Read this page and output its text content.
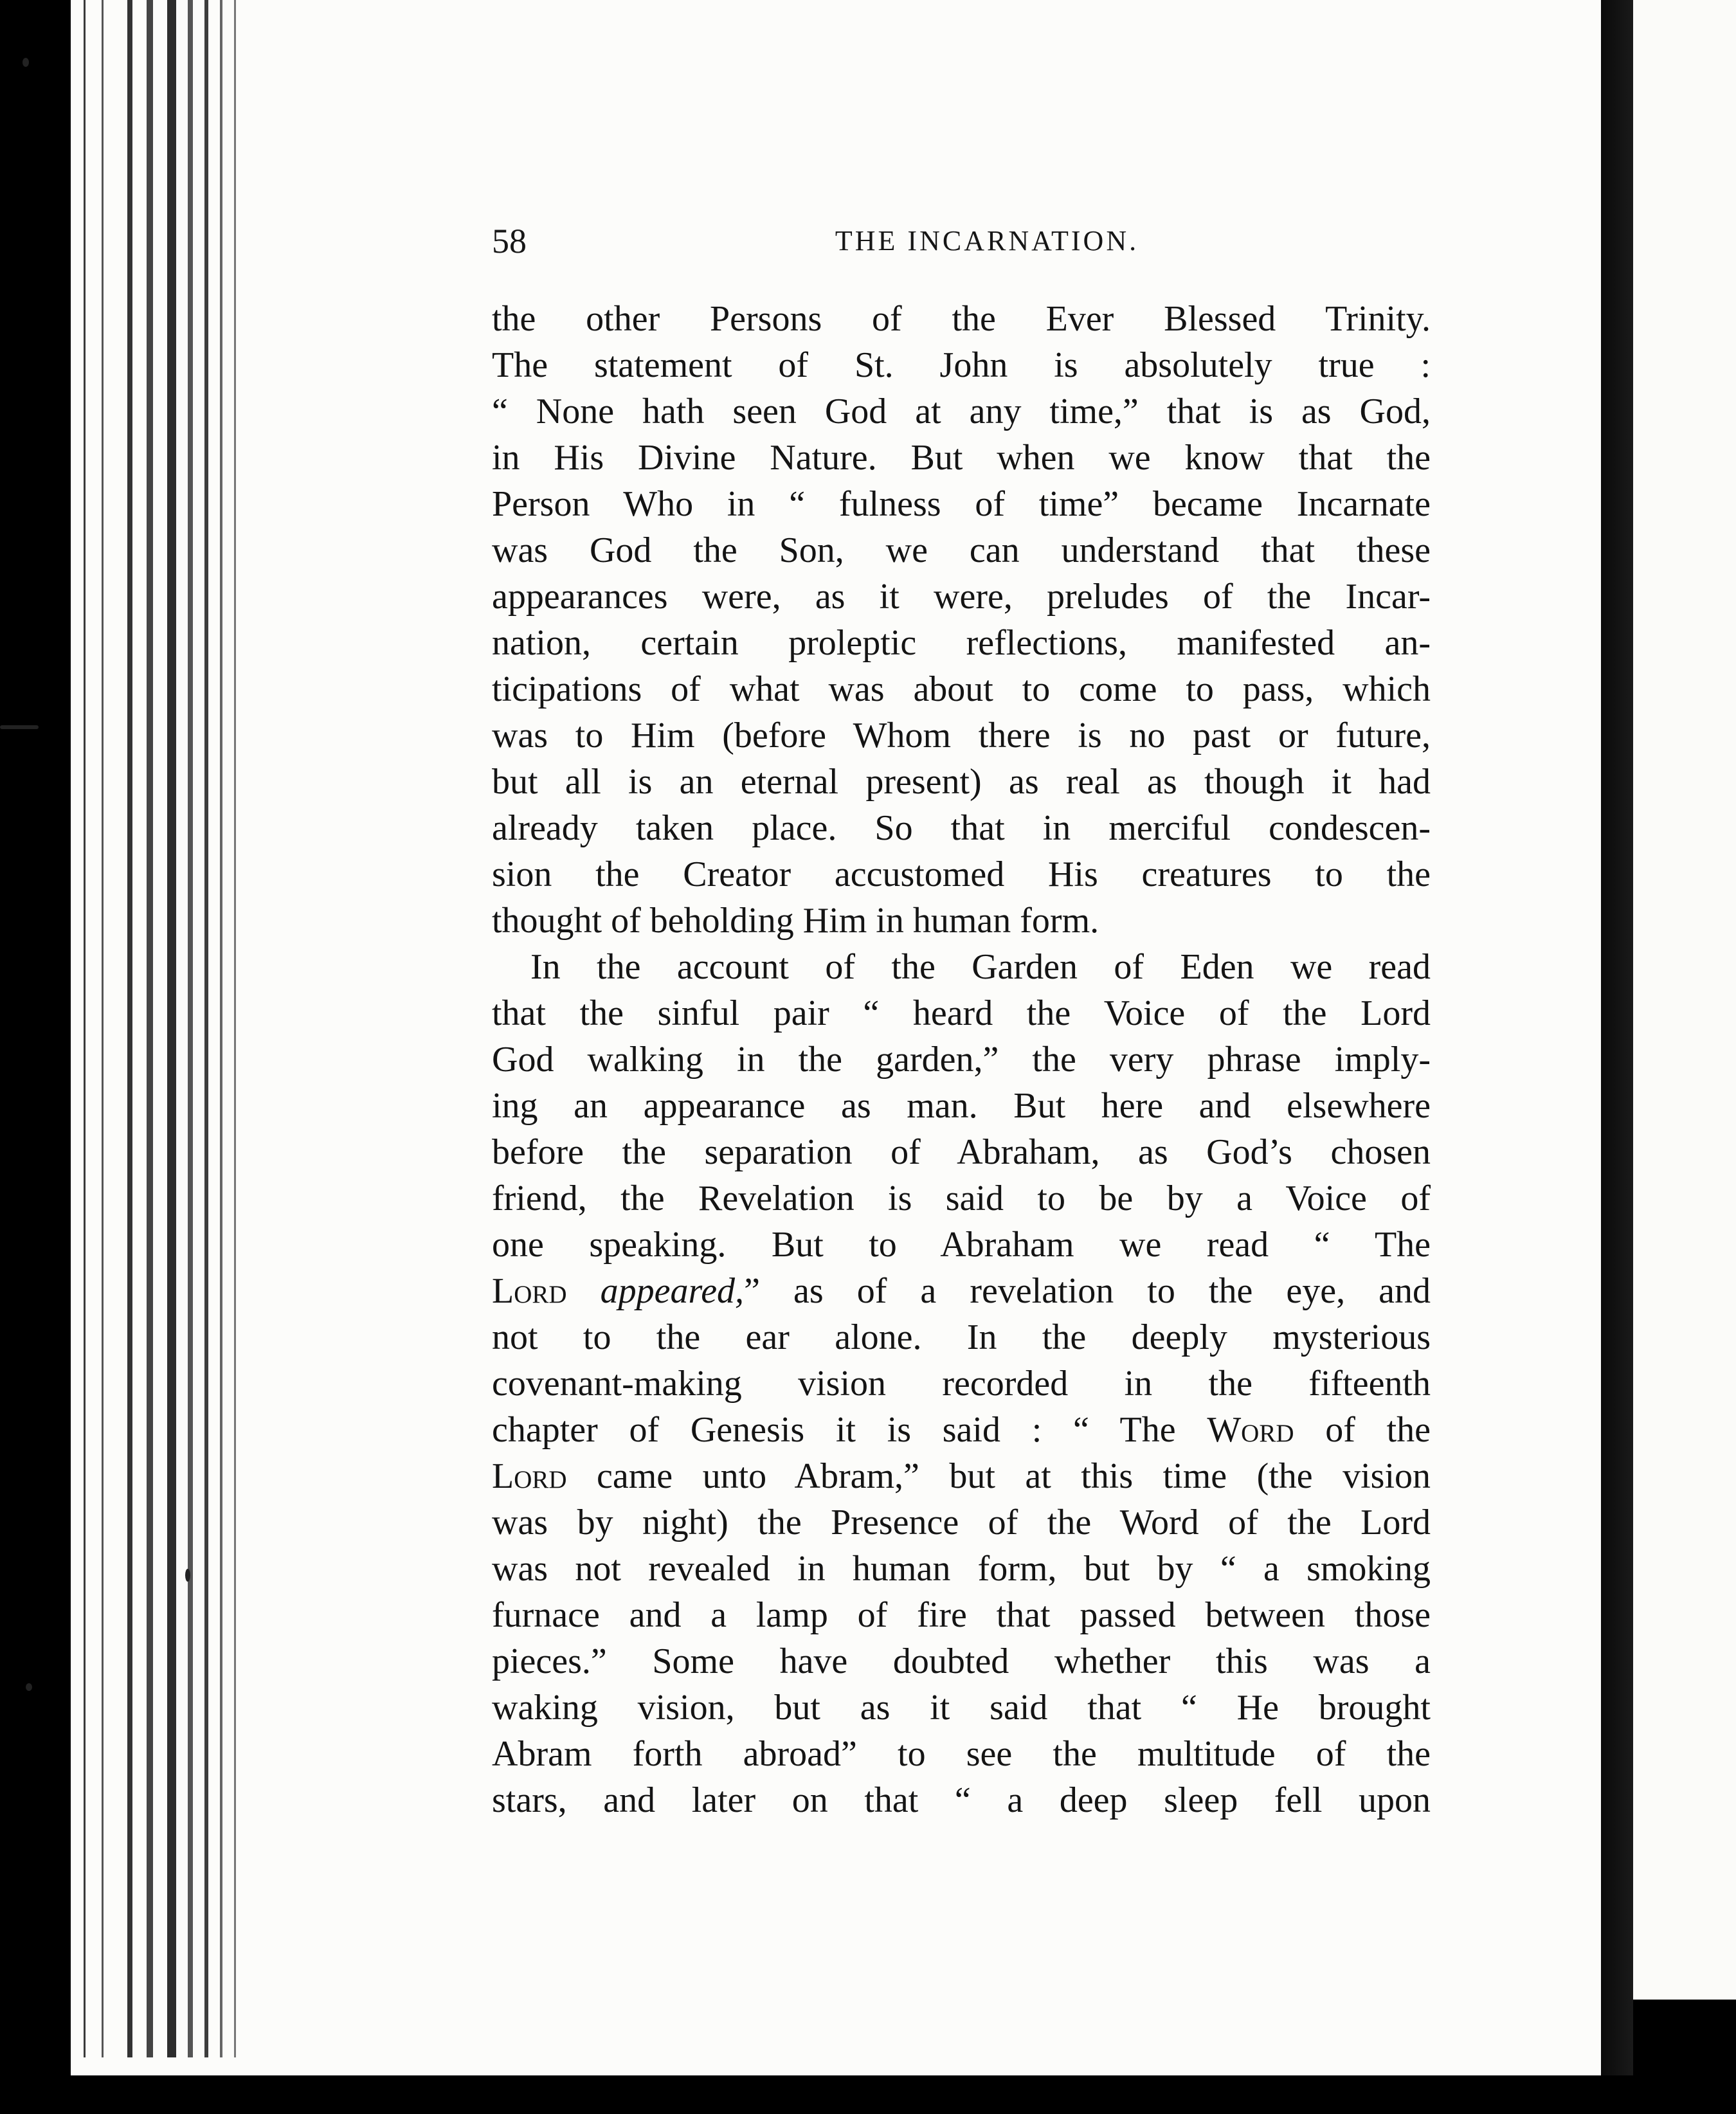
58	THE INCARNATION.
the other Persons of the Ever Blessed Trinity.
The statement of St. John is absolutely true :
“ None hath seen God at any time,” that is as God,
in His Divine Nature. But when we know that the
Person Who in “ fulness of time” became Incarnate
was God the Son, we can understand that these
appearances were, as it were, preludes of the Incar-
nation, certain proleptic reflections, manifested an-
ticipations of what was about to come to pass, which
was to Him (before Whom there is no past or future,
but all is an eternal present) as real as though it had
already taken place. So that in merciful condescen-
sion the Creator accustomed His creatures to the
thought of beholding Him in human form.
In the account of the Garden of Eden we read
that the sinful pair “ heard the Voice of the Lord
God walking in the garden,” the very phrase imply-
ing an appearance as man. But here and elsewhere
before the separation of Abraham, as God’s chosen
friend, the Revelation is said to be by a Voice of
one speaking. But to Abraham we read “ The
Lord appeared,” as of a revelation to the eye, and
not to the ear alone. In the deeply mysterious
covenant-making vision recorded in the fifteenth
chapter of Genesis it is said : “ The Word of the
Lord came unto Abram,” but at this time (the vision
was by night) the Presence of the Word of the Lord
was not revealed in human form, but by “ a smoking
furnace and a lamp of fire that passed between those
pieces.” Some have doubted whether this was a
waking vision, but as it said that “ He brought
Abram forth abroad” to see the multitude of the
stars, and later on that “ a deep sleep fell upon
